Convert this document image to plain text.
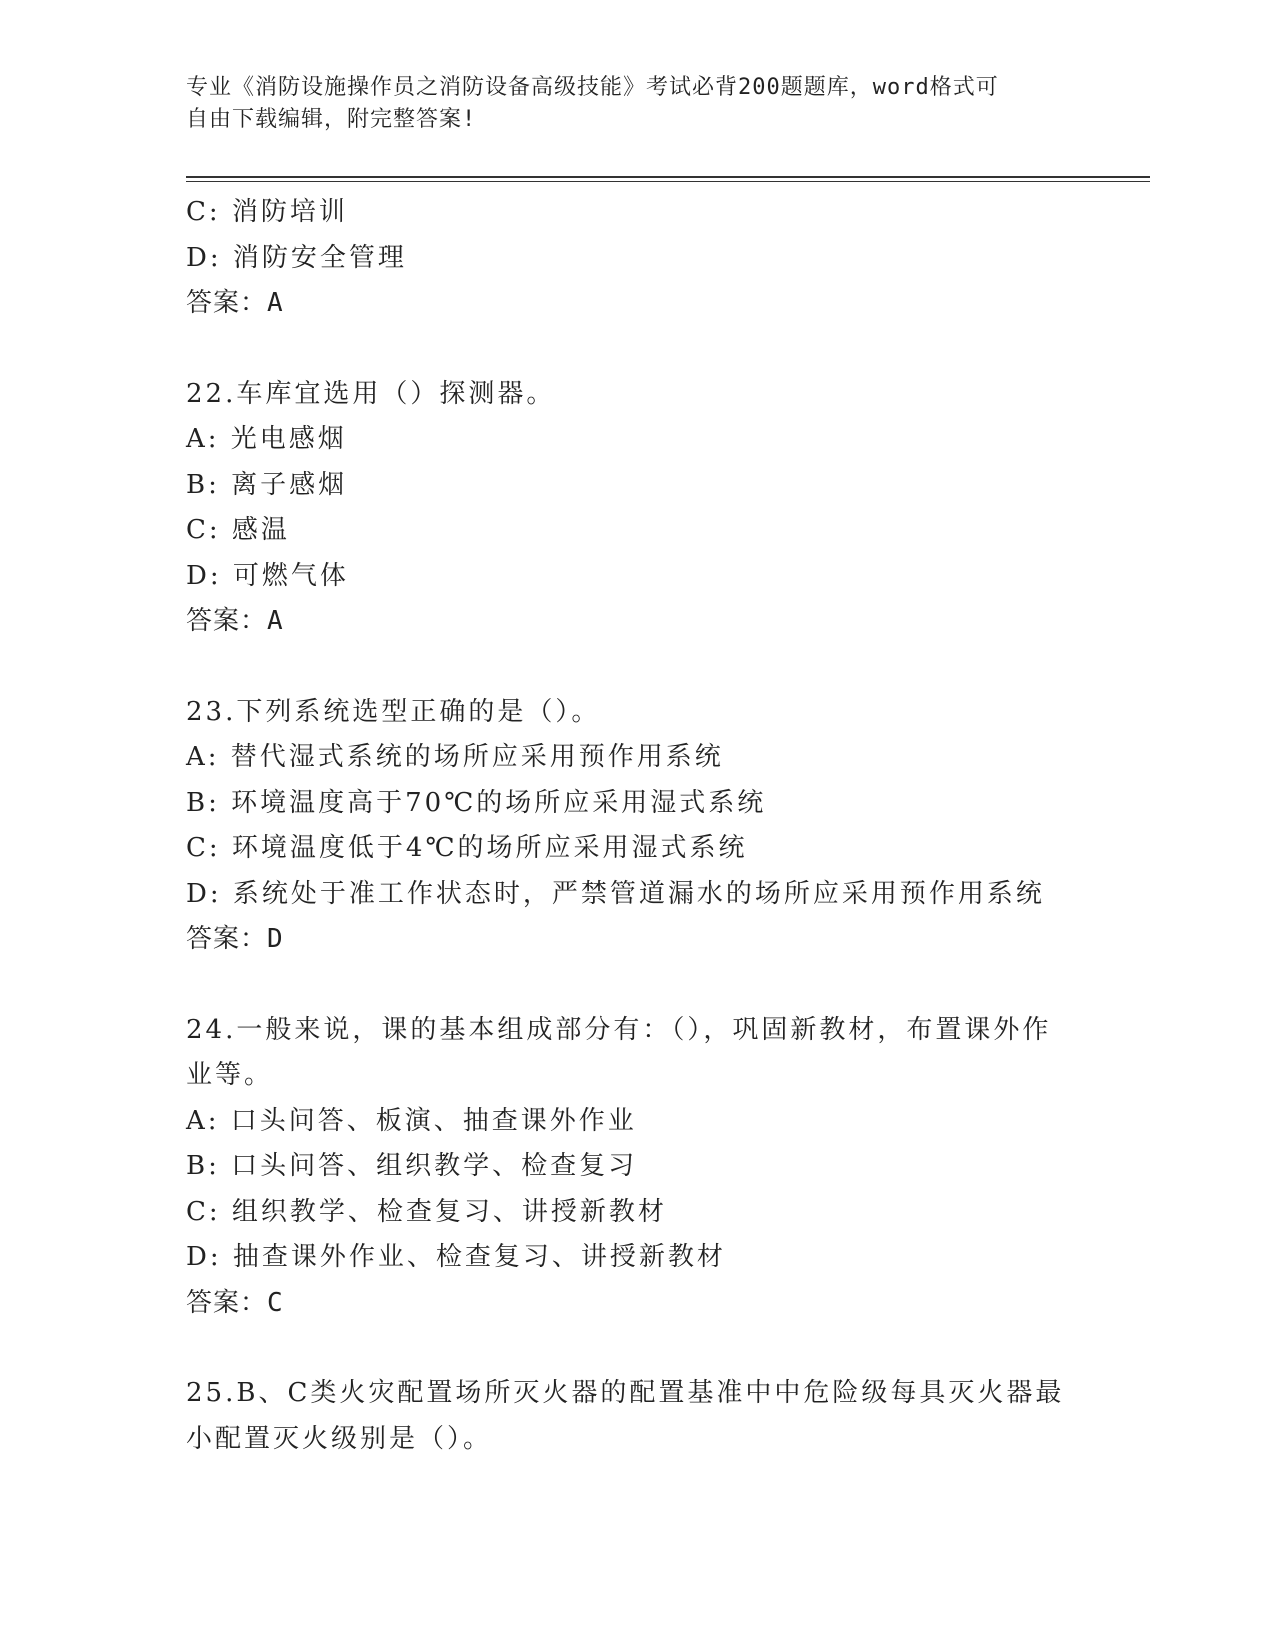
专业《消防设施操作员之消防设备高级技能》考试必背200题题库，word格式可

自由下载编辑，附完整答案!

C: 消防培训

D: 消防安全管理

答案：A

22.车库宜选用（）探测器。

A: 光电感烟

B: 离子感烟

C: 感温

D: 可燃气体

答案：A

23.下列系统选型正确的是（）。

A: 替代湿式系统的场所应采用预作用系统

B: 环境温度高于70℃的场所应采用湿式系统

C: 环境温度低于4℃的场所应采用湿式系统

D: 系统处于准工作状态时，严禁管道漏水的场所应采用预作用系统

答案：D

24.一般来说，课的基本组成部分有：（），巩固新教材，布置课外作业等。

A: 口头问答、板演、抽查课外作业

B: 口头问答、组织教学、检查复习

C: 组织教学、检查复习、讲授新教材

D: 抽查课外作业、检查复习、讲授新教材

答案：C

25.B、C类火灾配置场所灭火器的配置基准中中危险级每具灭火器最小配置灭火级别是（）。
